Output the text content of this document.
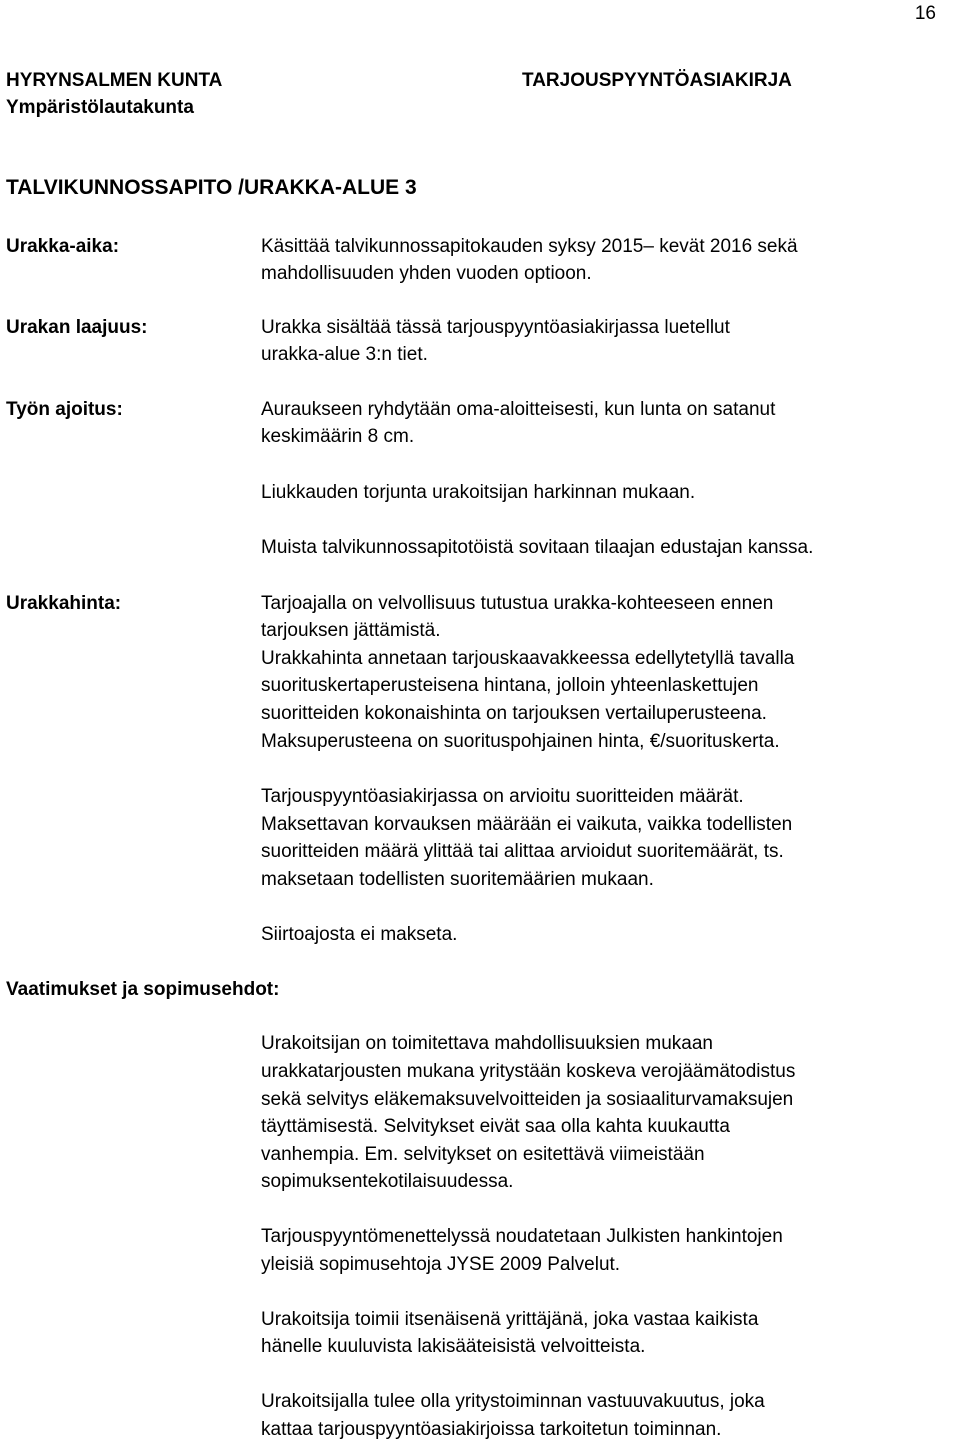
16
HYRYNSALMEN KUNTA
Ympäristölautakunta
TARJOUSPYYNTÖASIAKIRJA
TALVIKUNNOSSAPITO /URAKKA-ALUE 3
Urakka-aika:	Käsittää talvikunnossapitokauden syksy 2015– kevät 2016 sekä
mahdollisuuden yhden vuoden optioon.
Urakan laajuus:	Urakka sisältää tässä tarjouspyyntöasiakirjassa luetellut
urakka-alue 3:n tiet.
Työn ajoitus:	Auraukseen ryhdytään oma-aloitteisesti, kun lunta on satanut
keskimäärin 8 cm.
Liukkauden torjunta urakoitsijan harkinnan mukaan.
Muista talvikunnossapitotöistä sovitaan tilaajan edustajan kanssa.
Urakkahinta:	Tarjoajalla on velvollisuus tutustua urakka-kohteeseen ennen
tarjouksen jättämistä.
Urakkahinta annetaan tarjouskaavakkeessa edellytetyllä tavalla
suorituskertaperusteisena hintana, jolloin yhteenlaskettujen
suoritteiden kokonaishinta on tarjouksen vertailuperusteena.
Maksuperusteena on suorituspohjainen hinta, €/suorituskerta.
Tarjouspyyntöasiakirjassa on arvioitu suoritteiden määrät.
Maksettavan korvauksen määrään ei vaikuta, vaikka todellisten
suoritteiden määrä ylittää tai alittaa arvioidut suoritemäärät, ts.
maksetaan todellisten suoritemäärien mukaan.
Siirtoajosta ei makseta.
Vaatimukset ja sopimusehdot:
Urakoitsijan on toimitettava mahdollisuuksien mukaan
urakkatarjousten mukana yritystään koskeva verojäämätodistus
sekä selvitys eläkemaksuvelvoitteiden ja sosiaaliturvamaksujen
täyttämisestä. Selvitykset eivät saa olla kahta kuukautta
vanhempia. Em. selvitykset on esitettävä viimeistään
sopimuksentekotilaisuudessa.
Tarjouspyyntömenettelyssä noudatetaan Julkisten hankintojen
yleisiä sopimusehtoja JYSE 2009 Palvelut.
Urakoitsija toimii itsenäisenä yrittäjänä, joka vastaa kaikista
hänelle kuuluvista lakisääteisistä velvoitteista.
Urakoitsijalla tulee olla yritystoiminnan vastuuvakuutus, joka
kattaa tarjouspyyntöasiakirjoissa tarkoitetun toiminnan.
